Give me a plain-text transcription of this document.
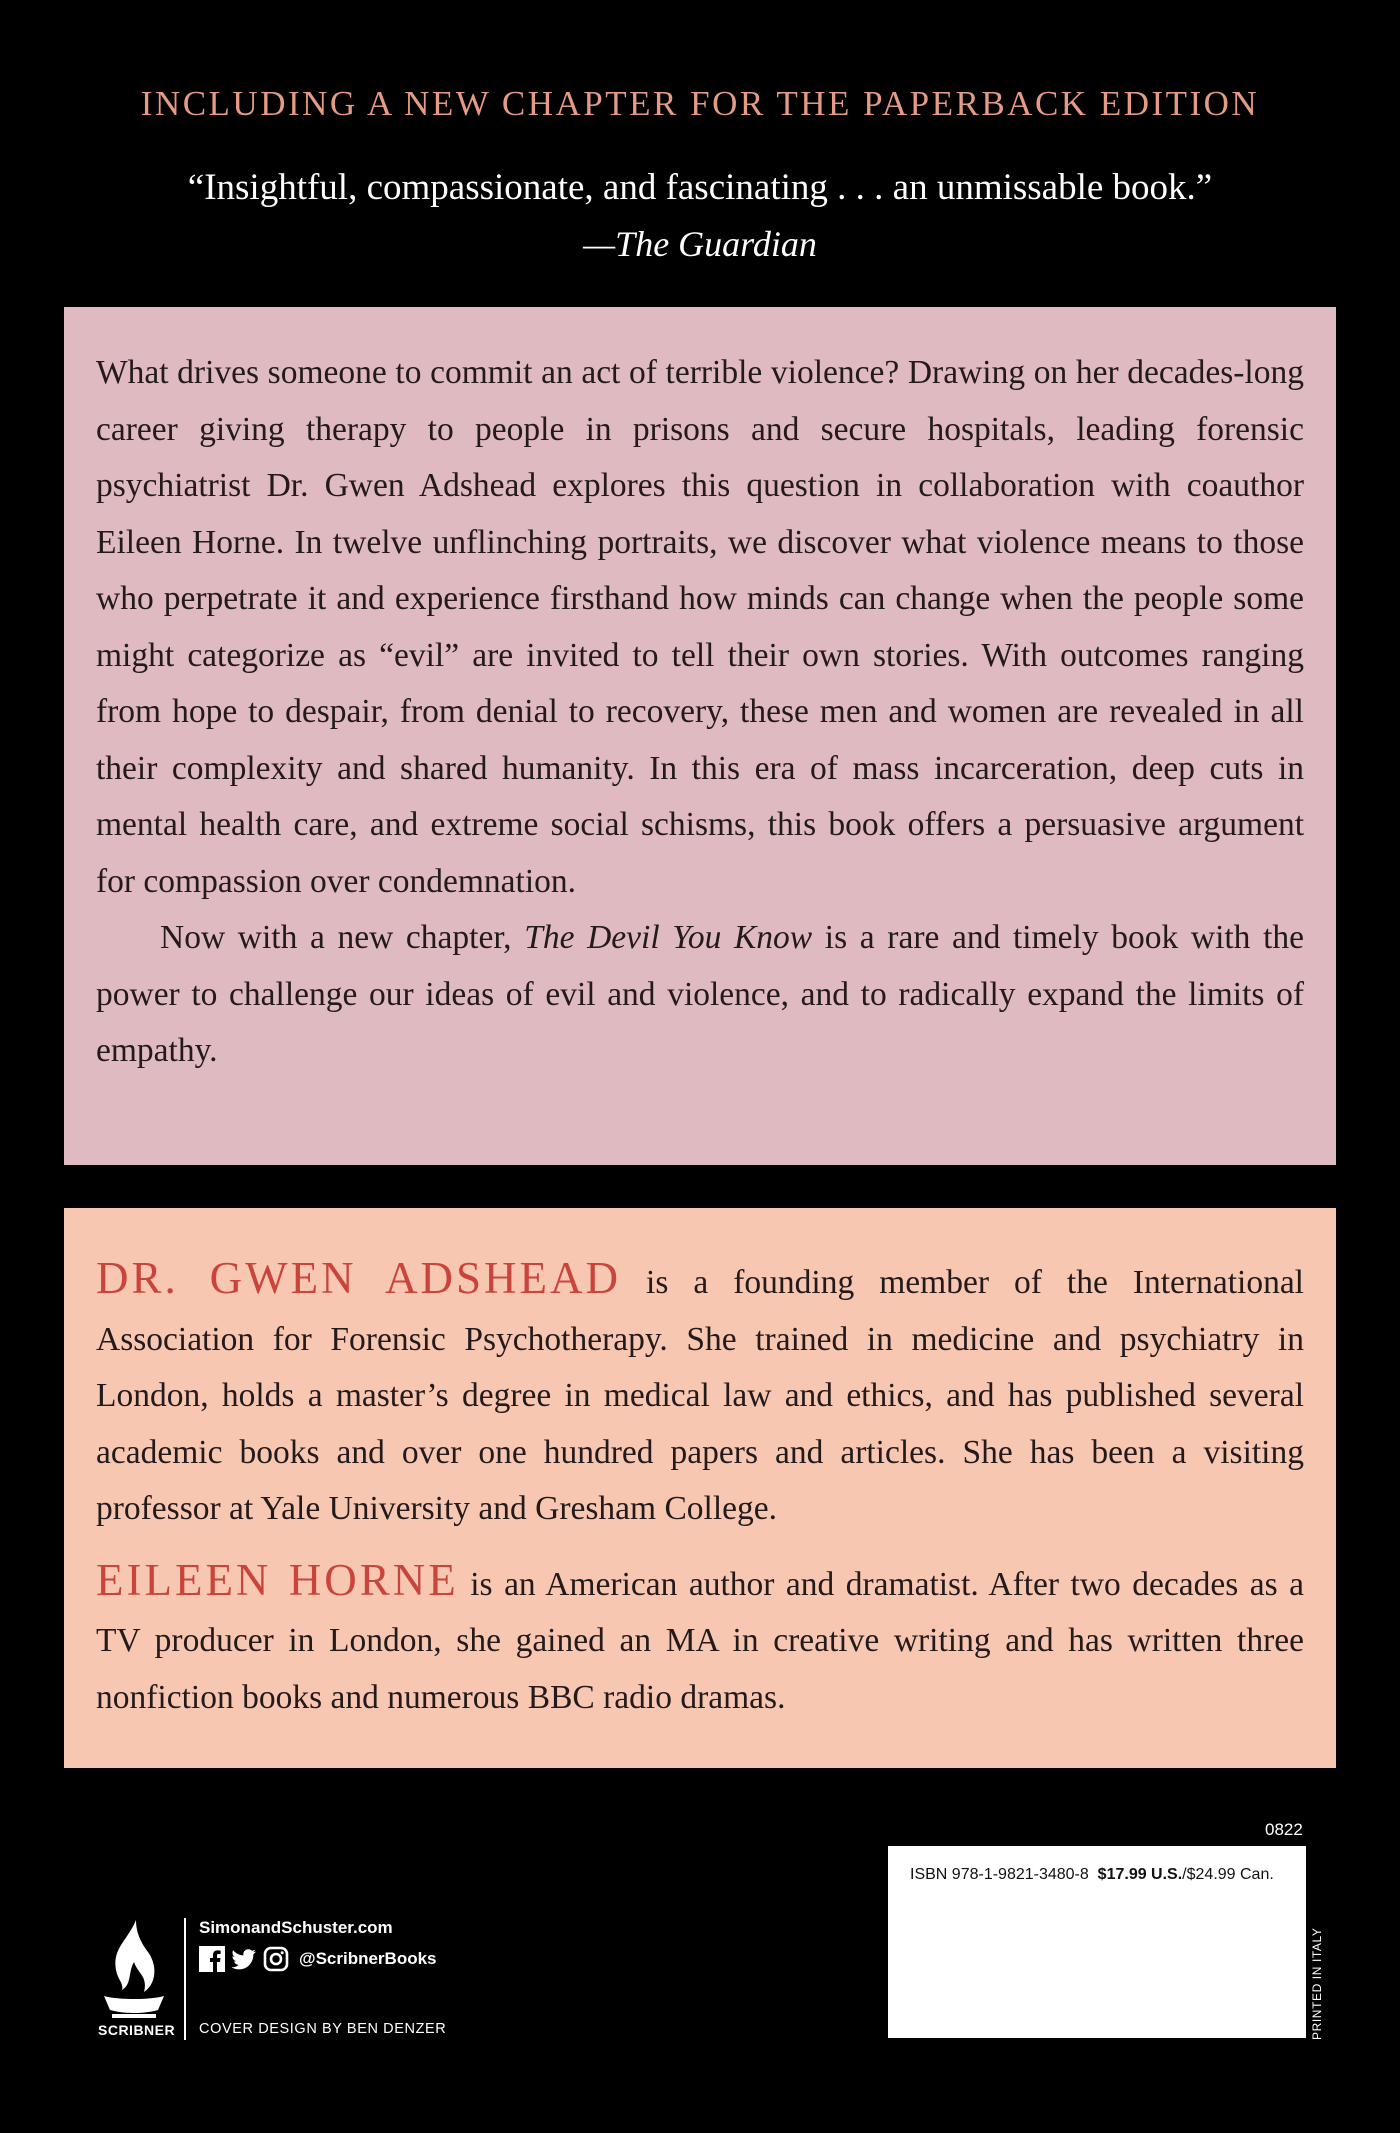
INCLUDING A NEW CHAPTER FOR THE PAPERBACK EDITION
“Insightful, compassionate, and fascinating . . . an unmissable book.”
—The Guardian

What drives someone to commit an act of terrible violence? Drawing on her decades-long career giving therapy to people in prisons and secure hospitals, leading forensic psychiatrist Dr. Gwen Adshead explores this question in collaboration with coauthor Eileen Horne. In twelve unflinching portraits, we discover what violence means to those who perpetrate it and experience firsthand how minds can change when the people some might categorize as “evil” are invited to tell their own stories. With outcomes ranging from hope to despair, from denial to recovery, these men and women are revealed in all their complexity and shared humanity. In this era of mass incarceration, deep cuts in mental health care, and extreme social schisms, this book offers a persuasive argument for compassion over condemnation.

Now with a new chapter, The Devil You Know is a rare and timely book with the power to challenge our ideas of evil and violence, and to radically expand the limits of empathy.

DR. GWEN ADSHEAD is a founding member of the International Association for Forensic Psychotherapy. She trained in medicine and psychiatry in London, holds a master’s degree in medical law and ethics, and has published several academic books and over one hundred papers and articles. She has been a visiting professor at Yale University and Gresham College.

EILEEN HORNE is an American author and dramatist. After two decades as a TV producer in London, she gained an MA in creative writing and has written three nonfiction books and numerous BBC radio dramas.

SCRIBNER
SimonandSchuster.com
@ScribnerBooks
COVER DESIGN BY BEN DENZER
0822
ISBN 978-1-9821-3480-8 $17.99 U.S./$24.99 Can.
PRINTED IN ITALY
